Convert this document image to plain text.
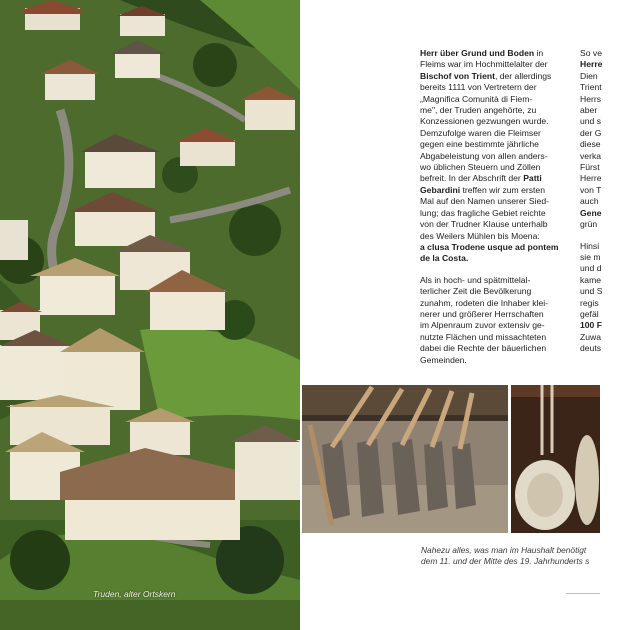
Truden, alter Ortskern

Herr über Grund und Boden in
Fleims war im Hochmittelalter der
Bischof von Trient, der allerdings
bereits 1111 von Vertretern der
„Magnifica Comunità di Fiem-
me", der Truden angehörte, zu
Konzessionen gezwungen wurde.
Demzufolge waren die Fleimser
gegen eine bestimmte jährliche
Abgabeleistung von allen anders-
wo üblichen Steuern und Zöllen
befreit. In der Abschrift der Patti
Gebardini treffen wir zum ersten
Mal auf den Namen unserer Sied-
lung; das fragliche Gebiet reichte
von der Trudner Klause unterhalb
des Weilers Mühlen bis Moena:
a clusa Trodene usque ad pontem
de la Costa.

Als in hoch- und spätmittelal-
terlicher Zeit die Bevölkerung
zunahm, rodeten die Inhaber klei-
nerer und größerer Herrschaften
im Alpenraum zuvor extensiv ge-
nutzte Flächen und missachteten
dabei die Rechte der bäuerlichen
Gemeinden.

So ve
Herre
Dien
Trient
Herrs
aber
und s
der G
diese
verka
Fürst
Herre
von T
auch
Gene
grün

Hinsi
sie m
und d
kame
und S
regis
gefäl
100 F
Zuwa
deuts

Nahezu alles, was man im Haushalt benötigt
dem 11. und der Mitte des 19. Jahrhunderts s
